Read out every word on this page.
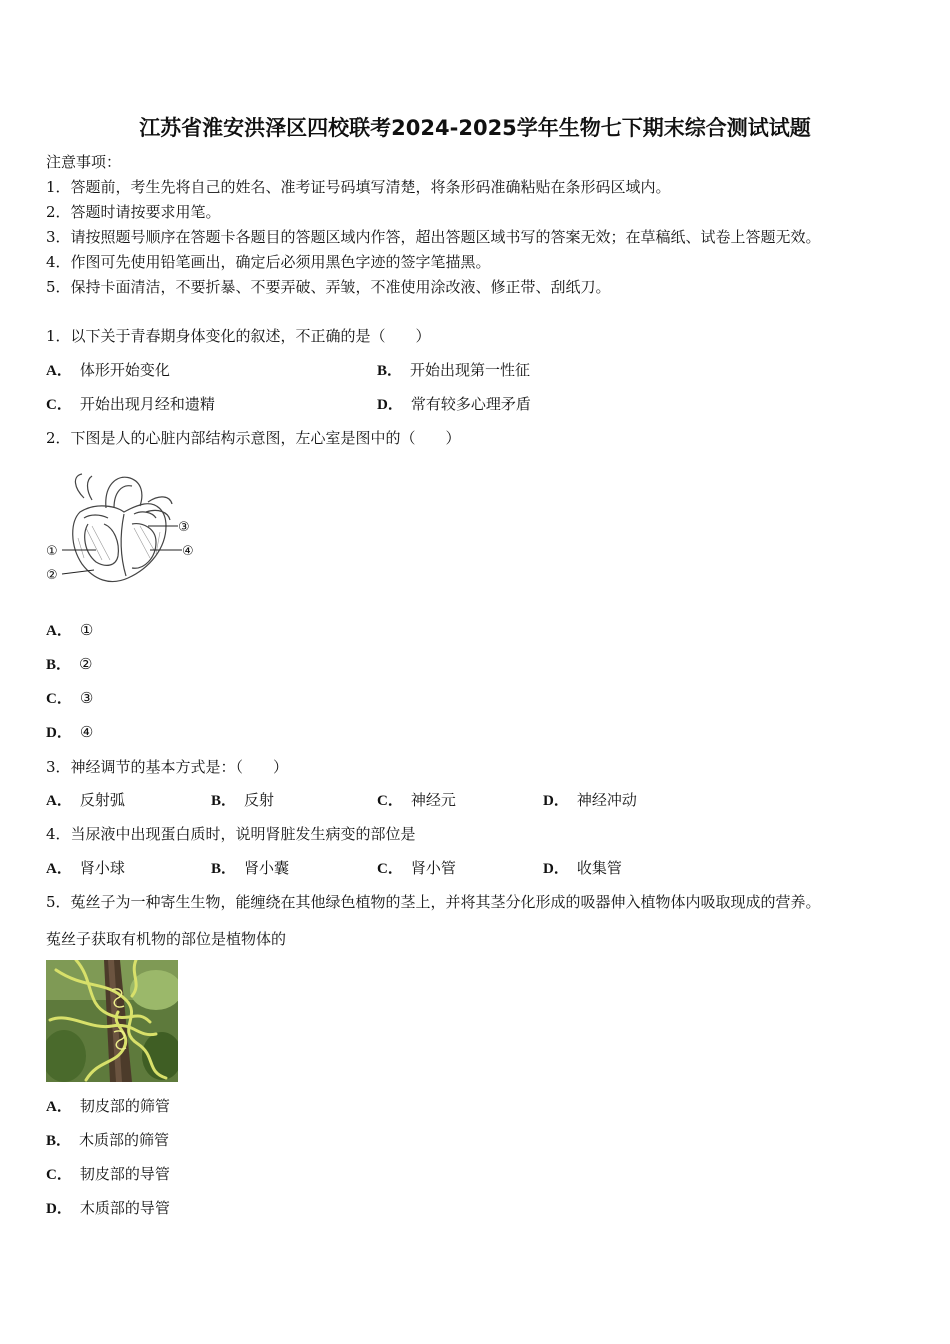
江苏省淮安洪泽区四校联考2024-2025学年生物七下期末综合测试试题
注意事项：
1．答题前，考生先将自己的姓名、准考证号码填写清楚，将条形码准确粘贴在条形码区域内。
2．答题时请按要求用笔。
3．请按照题号顺序在答题卡各题目的答题区域内作答，超出答题区域书写的答案无效；在草稿纸、试卷上答题无效。
4．作图可先使用铅笔画出，确定后必须用黑色字迹的签字笔描黑。
5．保持卡面清洁，不要折暴、不要弄破、弄皱，不准使用涂改液、修正带、刮纸刀。
1．以下关于青春期身体变化的叙述，不正确的是（　　）
A． 体形开始变化	B． 开始出现第一性征
C． 开始出现月经和遗精	D． 常有较多心理矛盾
2．下图是人的心脏内部结构示意图，左心室是图中的（　　）
①
②
③
④
A． ①
B． ②
C． ③
D． ④
3．神经调节的基本方式是：（　　）
A． 反射弧	B． 反射	C． 神经元	D． 神经冲动
4．当尿液中出现蛋白质时，说明肾脏发生病变的部位是
A． 肾小球	B． 肾小囊	C． 肾小管	D． 收集管
5．菟丝子为一种寄生生物，能缠绕在其他绿色植物的茎上，并将其茎分化形成的吸器伸入植物体内吸取现成的营养。
菟丝子获取有机物的部位是植物体的
A． 韧皮部的筛管
B． 木质部的筛管
C． 韧皮部的导管
D． 木质部的导管
